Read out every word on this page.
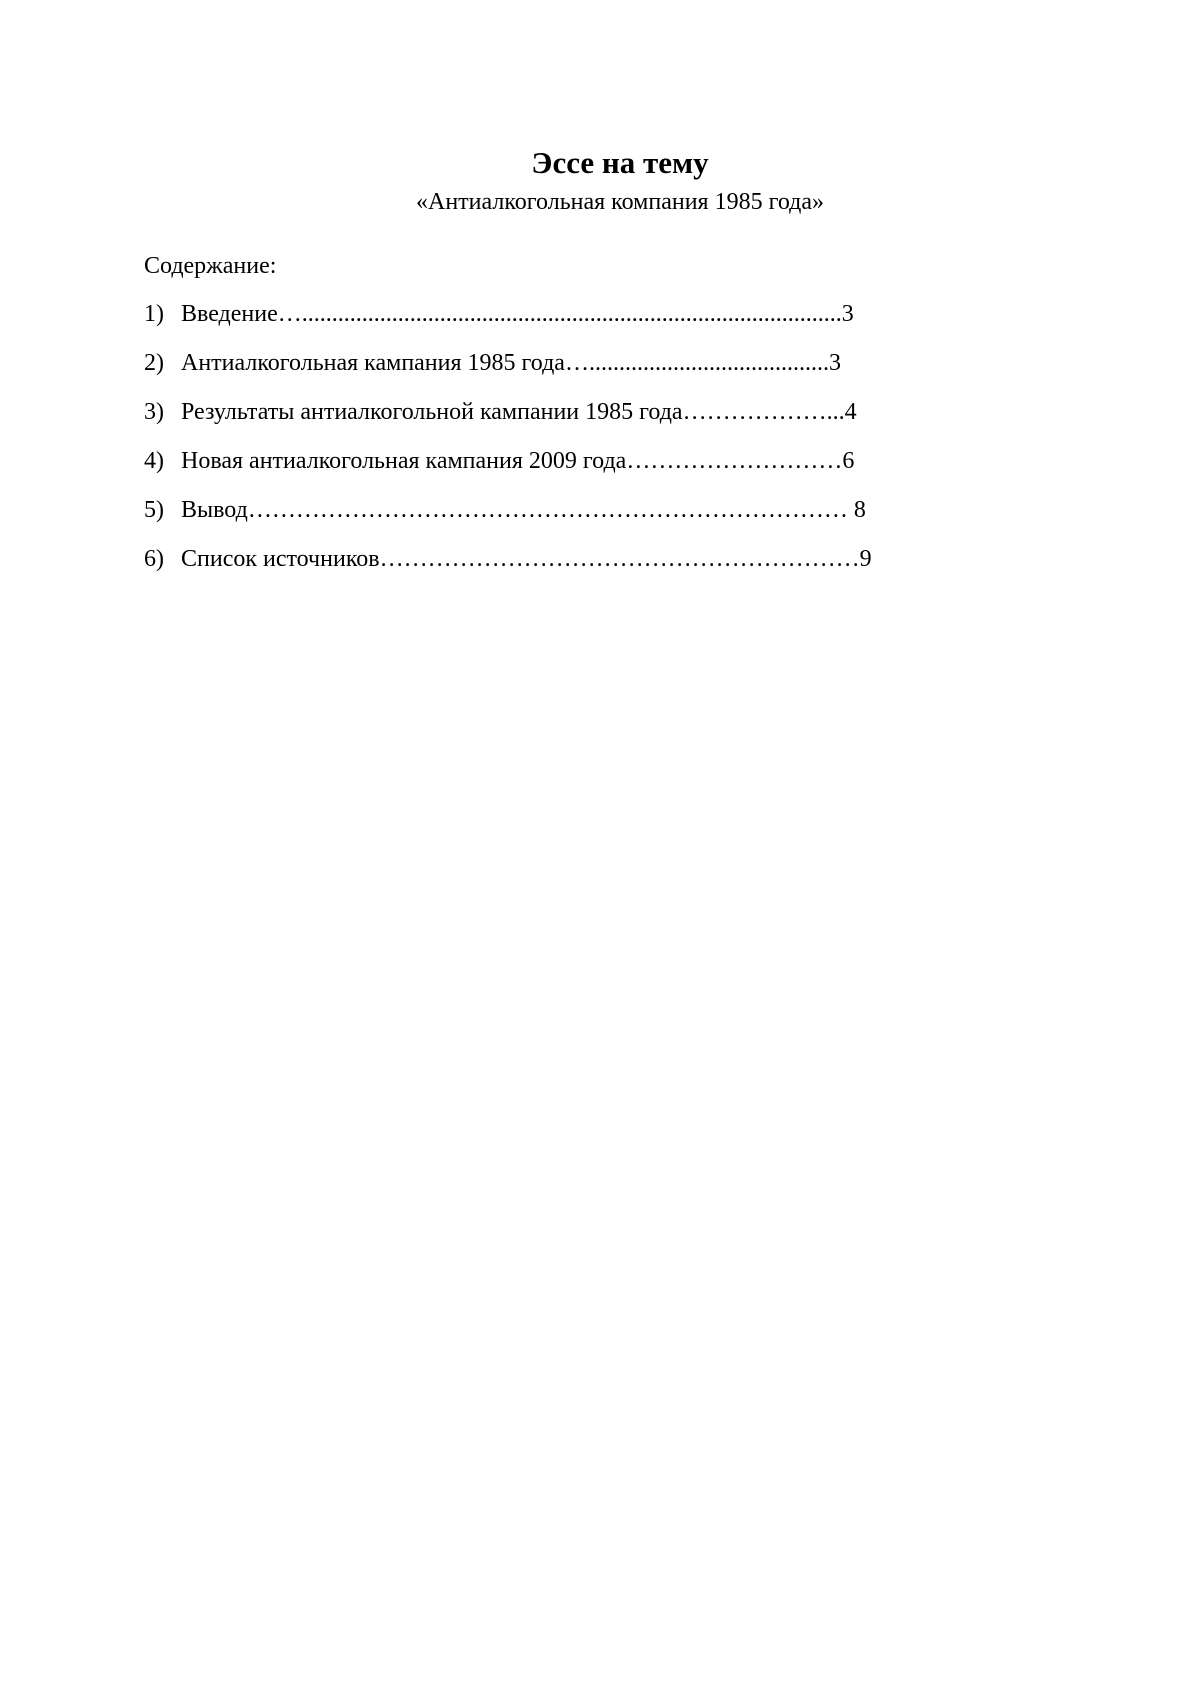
Эссе на тему
«Антиалкогольная компания 1985 года»
Содержание:
1) Введение…..........................................................................................3
2) Антиалкогольная кампания 1985 года…........................................3
3) Результаты антиалкогольной кампании 1985 года………………...4
4) Новая антиалкогольная кампания 2009 года………………………6
5) Вывод………………………………………………………………… 8
6) Список источников……………………………………………………9
